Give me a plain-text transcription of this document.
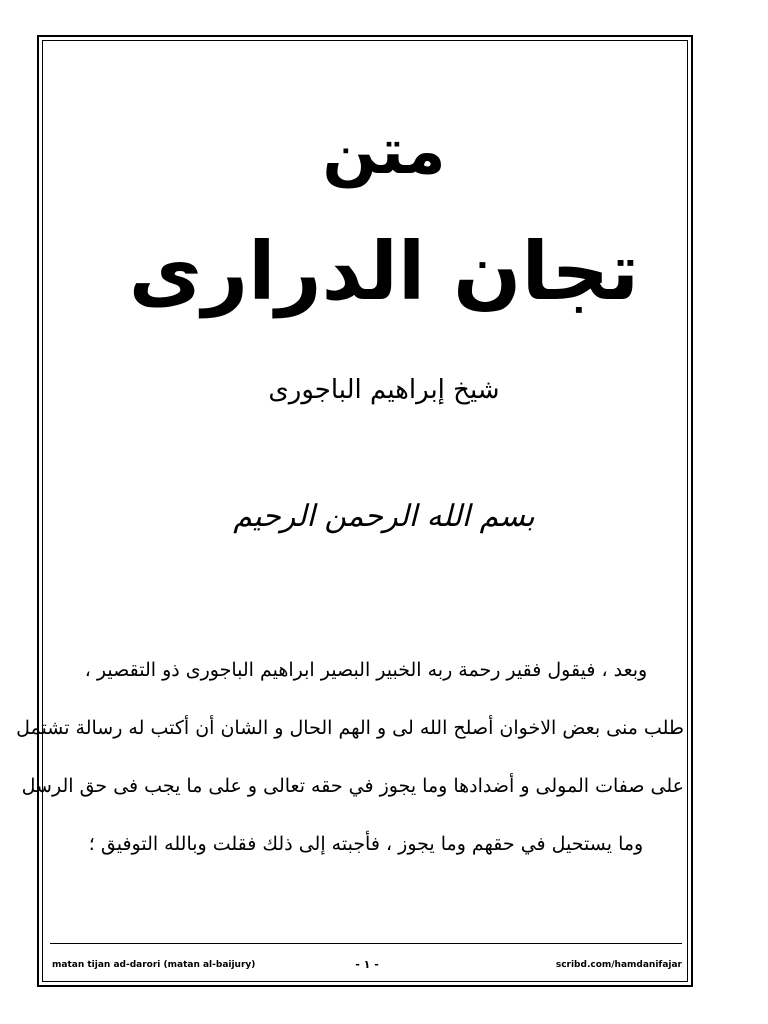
متن
تجان الدرارى
شيخ إبراهيم الباجورى
بسم الله الرحمن الرحيم
وبعد ، فيقول فقير رحمة ربه الخبير البصير ابراهيم الباجورى ذو التقصير ،
طلب منى بعض الاخوان أصلح الله لى و الهم الحال و الشان أن أكتب له رسالة تشتمل
على صفات المولى و أضدادها وما يجوز في حقه تعالى و على ما يجب فى حق الرسل
وما يستحيل في حقهم وما يجوز ، فأجبته إلى ذلك فقلت وبالله التوفيق ؛
matan tijan ad-darori (matan al-baijury)	- ١ -	scribd.com/hamdanifajar
